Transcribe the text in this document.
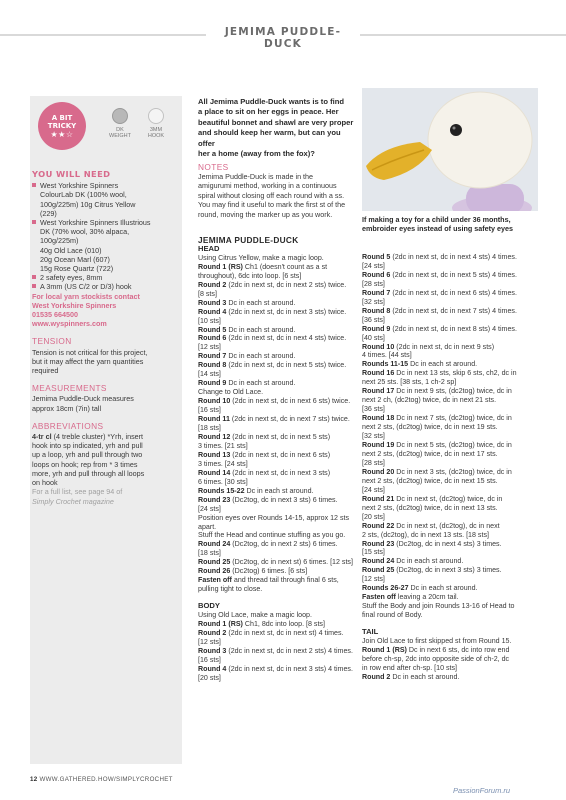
JEMIMA PUDDLE-DUCK
A BIT TRICKY
★★☆	DK
WEIGHT
3MM
HOOK
YOU WILL NEED
West Yorkshire Spinners
ColourLab DK (100% wool,
100g/225m) 10g Citrus Yellow
(229)
West Yorkshire Spinners Illustrious
DK (70% wool, 30% alpaca,
100g/225m)
40g Old Lace (010)
20g Ocean Marl (607)
15g Rose Quartz (722)
2 safety eyes, 8mm
A 3mm (US C/2 or D/3) hook
For local yarn stockists contact
West Yorkshire Spinners
01535 664500
www.wyspinners.com
TENSION
Tension is not critical for this project,
but it may affect the yarn quantities
required
MEASUREMENTS
Jemima Puddle-Duck measures
approx 18cm (7in) tall
ABBREVIATIONS
4-tr cl (4 treble cluster) *Yrh, insert
hook into sp indicated, yrh and pull
up a loop, yrh and pull through two
loops on hook; rep from * 3 times
more, yrh and pull through all loops
on hook
For a full list, see page 94 of
Simply Crochet magazine
All Jemima Puddle-Duck wants is to find
a place to sit on her eggs in peace. Her
beautiful bonnet and shawl are very proper
and should keep her warm, but can you offer
her a home (away from the fox)?
NOTES
Jemima Puddle-Duck is made in the
amigurumi method, working in a continuous
spiral without closing off each round with a ss.
You may find it useful to mark the first st of the
round, moving the marker up as you work.
If making a toy for a child under 36 months,
embroider eyes instead of using safety eyes
JEMIMA PUDDLE-DUCK
HEAD
Using Citrus Yellow, make a magic loop.
Round 1 (RS) Ch1 (doesn't count as a st
throughout), 6dc into loop. [6 sts]
Round 2 (2dc in next st, dc in next 2 sts) twice.
[8 sts]
Round 3 Dc in each st around.
Round 4 (2dc in next st, dc in next 3 sts) twice.
[10 sts]
Round 5 Dc in each st around.
Round 6 (2dc in next st, dc in next 4 sts) twice.
[12 sts]
Round 7 Dc in each st around.
Round 8 (2dc in next st, dc in next 5 sts) twice.
[14 sts]
Round 9 Dc in each st around.
Change to Old Lace.
Round 10 (2dc in next st, dc in next 6 sts) twice.
[16 sts]
Round 11 (2dc in next st, dc in next 7 sts) twice.
[18 sts]
Round 12 (2dc in next st, dc in next 5 sts)
3 times. [21 sts]
Round 13 (2dc in next st, dc in next 6 sts)
3 times. [24 sts]
Round 14 (2dc in next st, dc in next 3 sts)
6 times. [30 sts]
Rounds 15-22 Dc in each st around.
Round 23 (Dc2tog, dc in next 3 sts) 6 times.
[24 sts]
Position eyes over Rounds 14-15, approx 12 sts
apart.
Stuff the Head and continue stuffing as you go.
Round 24 (Dc2tog, dc in next 2 sts) 6 times.
[18 sts]
Round 25 (Dc2tog, dc in next st) 6 times. [12 sts]
Round 26 (Dc2tog) 6 times. [6 sts]
Fasten off and thread tail through final 6 sts,
pulling tight to close.
BODY
Using Old Lace, make a magic loop.
Round 1 (RS) Ch1, 8dc into loop. [8 sts]
Round 2 (2dc in next st, dc in next st) 4 times.
[12 sts]
Round 3 (2dc in next st, dc in next 2 sts) 4 times.
[16 sts]
Round 4 (2dc in next st, dc in next 3 sts) 4 times.
[20 sts]
Round 5 (2dc in next st, dc in next 4 sts) 4 times.
[24 sts]
Round 6 (2dc in next st, dc in next 5 sts) 4 times.
[28 sts]
Round 7 (2dc in next st, dc in next 6 sts) 4 times.
[32 sts]
Round 8 (2dc in next st, dc in next 7 sts) 4 times.
[36 sts]
Round 9 (2dc in next st, dc in next 8 sts) 4 times.
[40 sts]
Round 10 (2dc in next st, dc in next 9 sts)
4 times. [44 sts]
Rounds 11-15 Dc in each st around.
Round 16 Dc in next 13 sts, skip 6 sts, ch2, dc in
next 25 sts. [38 sts, 1 ch-2 sp]
Round 17 Dc in next 9 sts, (dc2tog) twice, dc in
next 2 ch, (dc2tog) twice, dc in next 21 sts.
[36 sts]
Round 18 Dc in next 7 sts, (dc2tog) twice, dc in
next 2 sts, (dc2tog) twice, dc in next 19 sts.
[32 sts]
Round 19 Dc in next 5 sts, (dc2tog) twice, dc in
next 2 sts, (dc2tog) twice, dc in next 17 sts.
[28 sts]
Round 20 Dc in next 3 sts, (dc2tog) twice, dc in
next 2 sts, (dc2tog) twice, dc in next 15 sts.
[24 sts]
Round 21 Dc in next st, (dc2tog) twice, dc in
next 2 sts, (dc2tog) twice, dc in next 13 sts.
[20 sts]
Round 22 Dc in next st, (dc2tog), dc in next
2 sts, (dc2tog), dc in next 13 sts. [18 sts]
Round 23 (Dc2tog, dc in next 4 sts) 3 times.
[15 sts]
Round 24 Dc in each st around.
Round 25 (Dc2tog, dc in next 3 sts) 3 times.
[12 sts]
Rounds 26-27 Dc in each st around.
Fasten off leaving a 20cm tail.
Stuff the Body and join Rounds 13-16 of Head to
final round of Body.
TAIL
Join Old Lace to first skipped st from Round 15.
Round 1 (RS) Dc in next 6 sts, dc into row end
before ch-sp, 2dc into opposite side of ch-2, dc
in row end after ch-sp. [10 sts]
Round 2 Dc in each st around.
12 WWW.GATHERED.HOW/SIMPLYCROCHET
PassionForum.ru
